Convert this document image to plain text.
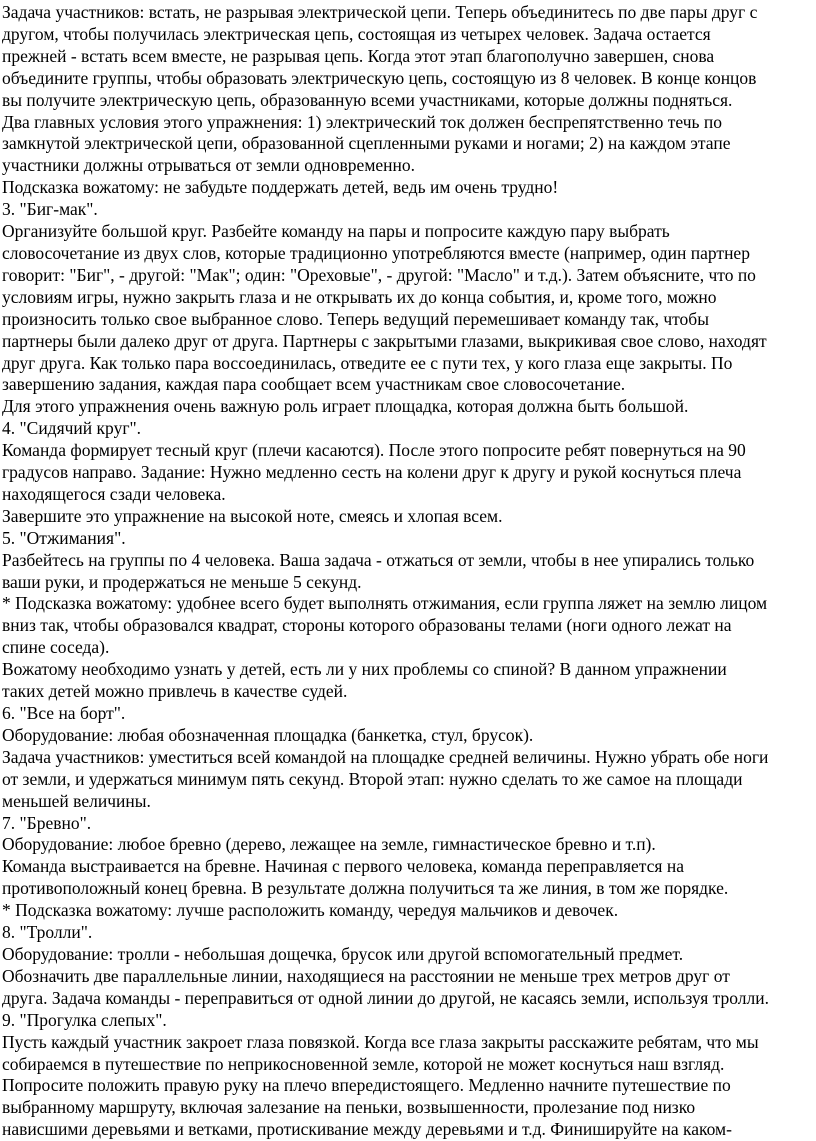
Задача участников: встать, не разрывая электрической цепи. Теперь объединитесь по две пары друг с
другом, чтобы получилась электрическая цепь, состоящая из четырех человек. Задача остается
прежней - встать всем вместе, не разрывая цепь. Когда этот этап благополучно завершен, снова
объедините группы, чтобы образовать электрическую цепь, состоящую из 8 человек. В конце концов
вы получите электрическую цепь, образованную всеми участниками, которые должны подняться.
Два главных условия этого упражнения: 1) электрический ток должен беспрепятственно течь по
замкнутой электрической цепи, образованной сцепленными руками и ногами; 2) на каждом этапе
участники должны отрываться от земли одновременно.
Подсказка вожатому: не забудьте поддержать детей, ведь им очень трудно!
3. "Биг-мак".
Организуйте большой круг. Разбейте команду на пары и попросите каждую пару выбрать
словосочетание из двух слов, которые традиционно употребляются вместе (например, один партнер
говорит: "Биг", - другой: "Мак"; один: "Ореховые", - другой: "Масло" и т.д.). Затем объясните, что по
условиям игры, нужно закрыть глаза и не открывать их до конца события, и, кроме того, можно
произносить только свое выбранное слово. Теперь ведущий перемешивает команду так, чтобы
партнеры были далеко друг от друга. Партнеры с закрытыми глазами, выкрикивая свое слово, находят
друг друга. Как только пара воссоединилась, отведите ее с пути тех, у кого глаза еще закрыты. По
завершению задания, каждая пара сообщает всем участникам свое словосочетание.
Для этого упражнения очень важную роль играет площадка, которая должна быть большой.
4. "Сидячий круг".
Команда формирует тесный круг (плечи касаются). После этого попросите ребят повернуться на 90
градусов направо. Задание: Нужно медленно сесть на колени друг к другу и рукой коснуться плеча
находящегося сзади человека.
Завершите это упражнение на высокой ноте, смеясь и хлопая всем.
5. "Отжимания".
Разбейтесь на группы по 4 человека. Ваша задача - отжаться от земли, чтобы в нее упирались только
ваши руки, и продержаться не меньше 5 секунд.
* Подсказка вожатому: удобнее всего будет выполнять отжимания, если группа ляжет на землю лицом
вниз так, чтобы образовался квадрат, стороны которого образованы телами (ноги одного лежат на
спине соседа).
Вожатому необходимо узнать у детей, есть ли у них проблемы со спиной? В данном упражнении
таких детей можно привлечь в качестве судей.
6. "Все на борт".
Оборудование: любая обозначенная площадка (банкетка, стул, брусок).
Задача участников: уместиться всей командой на площадке средней величины. Нужно убрать обе ноги
от земли, и удержаться минимум пять секунд. Второй этап: нужно сделать то же самое на площади
меньшей величины.
7. "Бревно".
Оборудование: любое бревно (дерево, лежащее на земле, гимнастическое бревно и т.п).
Команда выстраивается на бревне. Начиная с первого человека, команда переправляется на
противоположный конец бревна. В результате должна получиться та же линия, в том же порядке.
* Подсказка вожатому: лучше расположить команду, чередуя мальчиков и девочек.
8. "Тролли".
Оборудование: тролли - небольшая дощечка, брусок или другой вспомогательный предмет.
Обозначить две параллельные линии, находящиеся на расстоянии не меньше трех метров друг от
друга. Задача команды - переправиться от одной линии до другой, не касаясь земли, используя тролли.
9. "Прогулка слепых".
Пусть каждый участник закроет глаза повязкой. Когда все глаза закрыты расскажите ребятам, что мы
собираемся в путешествие по неприкосновенной земле, которой не может коснуться наш взгляд.
Попросите положить правую руку на плечо впередистоящего. Медленно начните путешествие по
выбранному маршруту, включая залезание на пеньки, возвышенности, пролезание под низко
нависшими деревьями и ветками, протискивание между деревьями и т.д. Финишируйте на каком-
